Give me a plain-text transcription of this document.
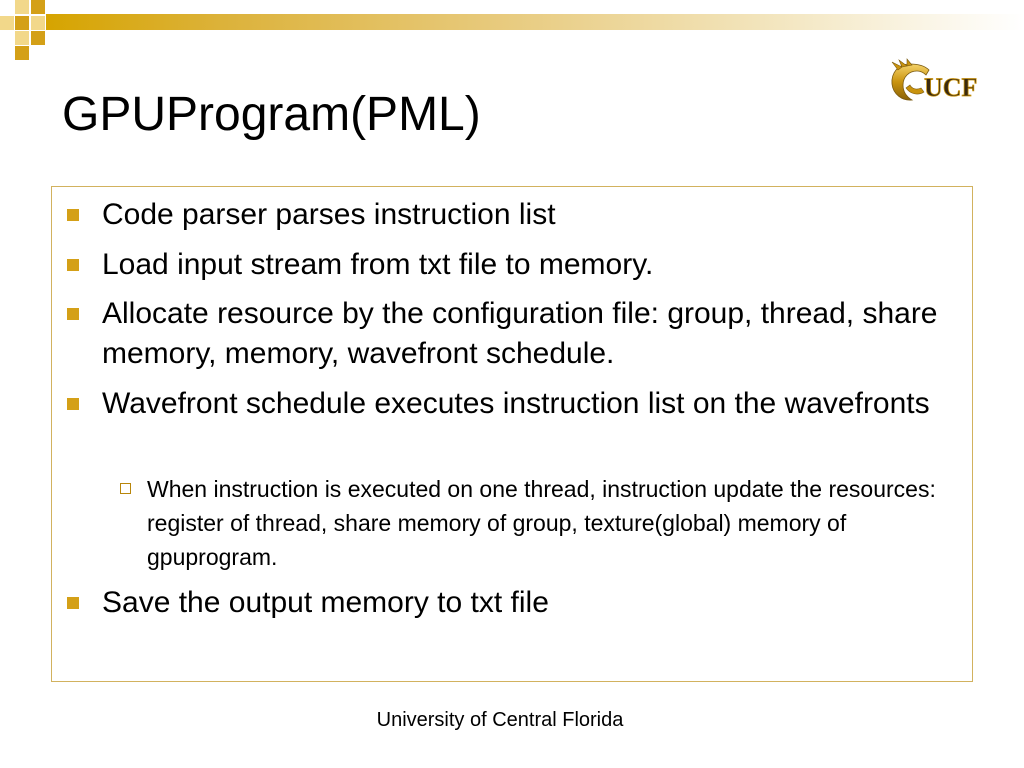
GPUProgram(PML)
UCF
Code parser parses instruction list
Load input stream from txt file to memory.
Allocate resource by the configuration file: group, thread, share memory, memory, wavefront schedule.
Wavefront schedule executes instruction list on the wavefronts
When instruction is executed on one thread, instruction update the resources: register of thread, share memory of group, texture(global) memory of gpuprogram.
Save the output memory to txt file
University of Central Florida
